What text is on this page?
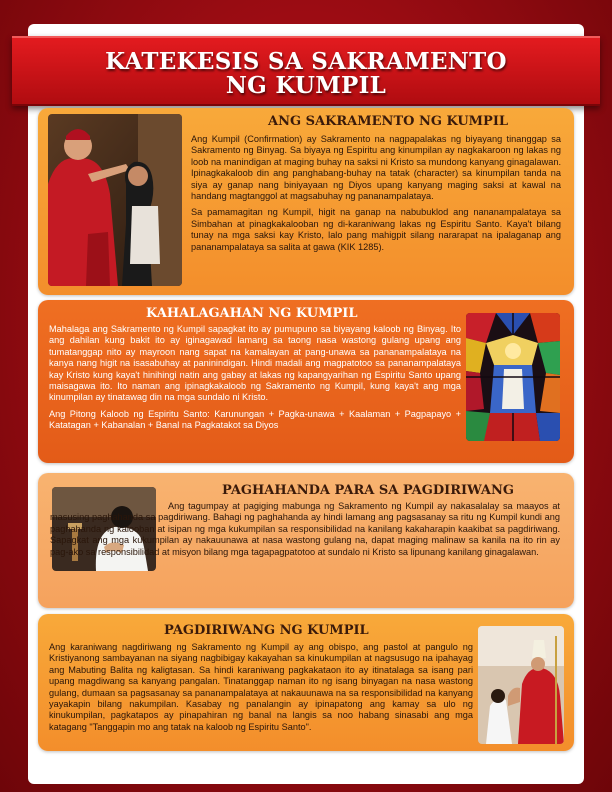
KATEKESIS SA SAKRAMENTO
NG KUMPIL
ANG SAKRAMENTO NG KUMPIL

Ang Kumpil (Confirmation) ay Sakramento na nagpapalakas ng biyayang tinanggap sa Sakramento ng Binyag. Sa biyaya ng Espiritu ang kinumpilan ay nagkakaroon ng lakas ng loob na manindigan at maging buhay na saksi ni Kristo sa mundong kanyang ginagalawan. Ipinagkakaloob din ang panghabang-buhay na tatak (character) sa kinumpilan tanda na siya ay ganap nang biniyayaan ng Diyos upang kanyang maging saksi at kawal na handang magtanggol at magsabuhay ng pananampalataya.

Sa pamamagitan ng Kumpil, higit na ganap na nabubuklod ang nananampalataya sa Simbahan at pinagkakalooban ng di-karaniwang lakas ng Espiritu Santo. Kaya't bilang tunay na mga saksi kay Kristo, lalo pang mahigpit silang nararapat na ipalaganap ang pananampalataya sa salita at gawa (KIK 1285).

KAHALAGAHAN NG KUMPIL

Mahalaga ang Sakramento ng Kumpil sapagkat ito ay pumupuno sa biyayang kaloob ng Binyag. Ito ang dahilan kung bakit ito ay iginagawad lamang sa taong nasa wastong gulang upang ang tumatanggap nito ay mayroon nang sapat na kamalayan at pang-unawa sa pananampalataya na kanya nang higit na isasabuhay at paninindigan. Hindi madali ang magpatotoo sa pananampalataya kay Kristo kung kaya't hinihingi natin ang gabay at lakas ng kapangyarihan ng Espiritu Santo upang maisagawa ito. Ito naman ang ipinagkakaloob ng Sakramento ng Kumpil, kung kaya't ang mga kinumpilan ay tinatawag din na mga sundalo ni Kristo.

Ang Pitong Kaloob ng Espiritu Santo: Karunungan + Pagka-unawa + Kaalaman + Pagpapayo + Katatagan + Kabanalan + Banal na Pagkatakot sa Diyos

PAGHAHANDA PARA SA PAGDIRIWANG

Ang tagumpay at pagiging mabunga ng Sakramento ng Kumpil ay nakasalalay sa maayos at masusing paghahanda sa pagdiriwang. Bahagi ng paghahanda ay hindi lamang ang pagsasanay sa ritu ng Kumpil kundi ang paghahanda ng kalooban at isipan ng mga kukumpilan sa responsibilidad na kanilang kakaharapin kaakibat sa pagdiriwang. Sapagkat ang mga kukumpilan ay nakauunawa at nasa wastong gulang na, dapat maging malinaw sa kanila na ito rin ay pag-ako sa responsibilidad at misyon bilang mga tagapagpatotoo at sundalo ni Kristo sa lipunang kanilang ginagalawan.

PAGDIRIWANG NG KUMPIL

Ang karaniwang nagdiriwang ng Sakramento ng Kumpil ay ang obispo, ang pastol at pangulo ng Kristiyanong sambayanan na siyang nagbibigay kakayahan sa kinukumpilan at nagsusugo na ipahayag ang Mabuting Balita ng kaligtasan. Sa hindi karaniwang pagkakataon ito ay itinatalaga sa isang pari upang magdiwang sa kanyang pangalan. Tinatanggap naman ito ng isang binyagan na nasa wastong gulang, dumaan sa pagsasanay sa pananampalataya at nakauunawa na sa responsibilidad na kanyang yayakapin bilang nakumpilan. Kasabay ng panalangin ay ipinapatong ang kamay sa ulo ng kinukumpilan, pagkatapos ay pinapahiran ng banal na langis sa noo habang sinasabi ang mga katagang "Tanggapin mo ang tatak na kaloob ng Espiritu Santo".
